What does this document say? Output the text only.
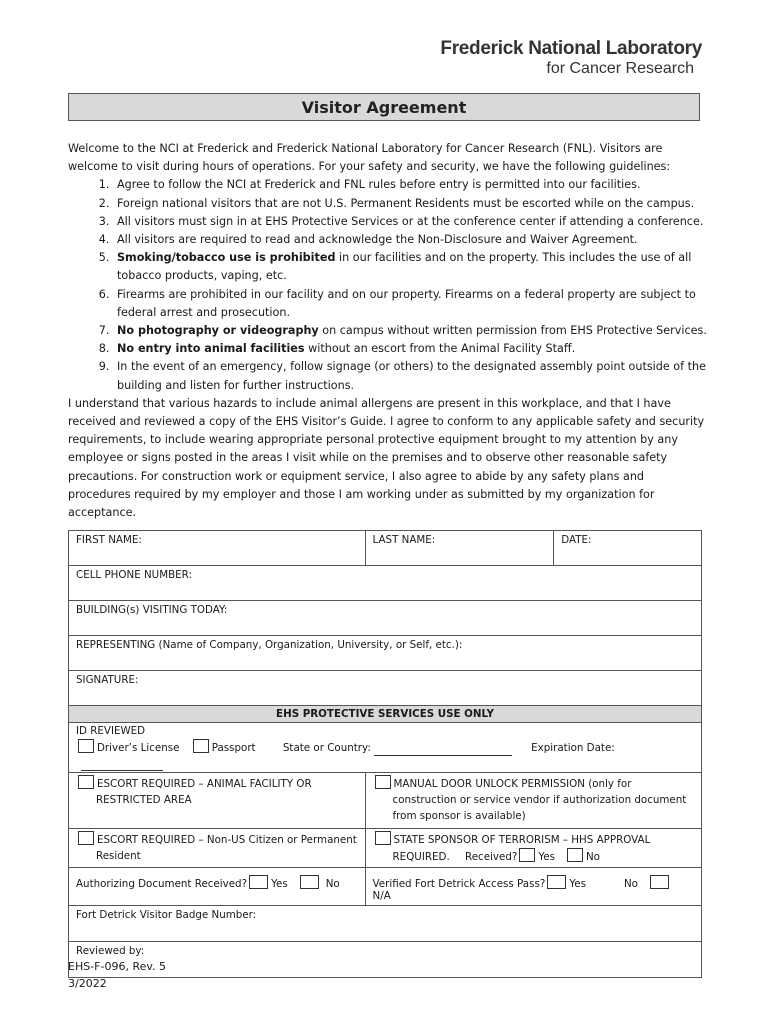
Frederick National Laboratory
for Cancer Research
Visitor Agreement

Welcome to the NCI at Frederick and Frederick National Laboratory for Cancer Research (FNL). Visitors are welcome to visit during hours of operations. For your safety and security, we have the following guidelines:

1. Agree to follow the NCI at Frederick and FNL rules before entry is permitted into our facilities.
2. Foreign national visitors that are not U.S. Permanent Residents must be escorted while on the campus.
3. All visitors must sign in at EHS Protective Services or at the conference center if attending a conference.
4. All visitors are required to read and acknowledge the Non-Disclosure and Waiver Agreement.
5. Smoking/tobacco use is prohibited in our facilities and on the property. This includes the use of all tobacco products, vaping, etc.
6. Firearms are prohibited in our facility and on our property. Firearms on a federal property are subject to federal arrest and prosecution.
7. No photography or videography on campus without written permission from EHS Protective Services.
8. No entry into animal facilities without an escort from the Animal Facility Staff.
9. In the event of an emergency, follow signage (or others) to the designated assembly point outside of the building and listen for further instructions.

I understand that various hazards to include animal allergens are present in this workplace, and that I have received and reviewed a copy of the EHS Visitor’s Guide. I agree to conform to any applicable safety and security requirements, to include wearing appropriate personal protective equipment brought to my attention by any employee or signs posted in the areas I visit while on the premises and to observe other reasonable safety precautions. For construction work or equipment service, I also agree to abide by any safety plans and procedures required by my employer and those I am working under as submitted by my organization for acceptance.

FIRST NAME:	LAST NAME:	DATE:
CELL PHONE NUMBER:		
BUILDING(s) VISITING TODAY:		
REPRESENTING (Name of Company, Organization, University, or Self, etc.):		
SIGNATURE:		
EHS PROTECTIVE SERVICES USE ONLY		

ID REVIEWED
Driver’s License Passport State or Country: Expiration Date:		

ESCORT REQUIRED – ANIMAL FACILITY OR RESTRICTED AREA	MANUAL DOOR UNLOCK PERMISSION (only for construction or service vendor if authorization document from sponsor is available)	

ESCORT REQUIRED – Non-US Citizen or Permanent Resident	STATE SPONSOR OF TERRORISM – HHS APPROVAL REQUIRED. Received? Yes No	

Authorizing Document Received? Yes No	Verified Fort Detrick Access Pass? Yes NoN/A	
Fort Detrick Visitor Badge Number:		
Reviewed by:		
EHS-F-096, Rev. 5
3/2022
